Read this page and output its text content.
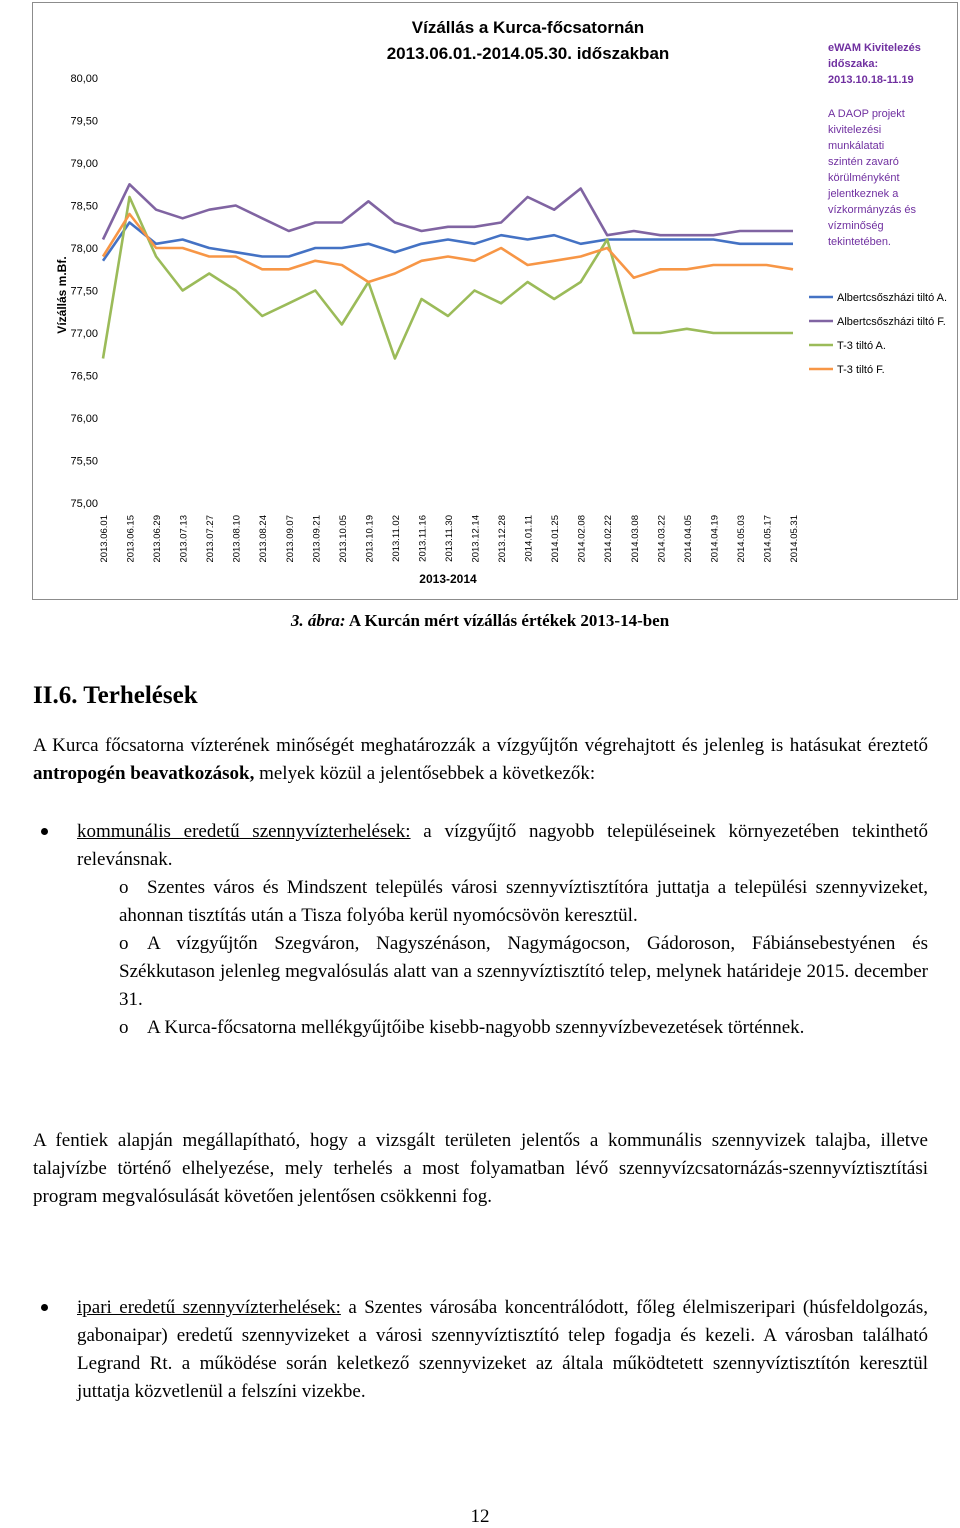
Vízállás a Kurca-főcsatornán
2013.06.01.-2014.05.30. időszakban
Vízállás m.Bf.
75,00
75,50
76,00
76,50
77,00
77,50
78,00
78,50
79,00
79,50
80,00
2013.06.01 2013.06.15 2013.06.29 2013.07.13 2013.07.27 2013.08.10 2013.08.24 2013.09.07 2013.09.21 2013.10.05 2013.10.19 2013.11.02 2013.11.16 2013.11.30 2013.12.14 2013.12.28 2014.01.11 2014.01.25 2014.02.08 2014.02.22 2014.03.08 2014.03.22 2014.04.05 2014.04.19 2014.05.03 2014.05.17 2014.05.31
2013-2014
eWAM Kivitelezés
időszaka:
2013.10.18-11.19
A DAOP projekt
kivitelezési
munkálatati
szintén zavaró
körülményként
jelentkeznek a
vízkormányzás és
vízminőség
tekintetében.
Albertcsőszházi tiltó A.
Albertcsőszházi tiltó F.
T-3 tiltó A.
T-3 tiltó F.
3. ábra: A Kurcán mért vízállás értékek 2013-14-ben
II.6. Terhelések
A Kurca főcsatorna vízterének minőségét meghatározzák a vízgyűjtőn végrehajtott és jelenleg is hatásukat éreztető antropogén beavatkozások, melyek közül a jelentősebbek a következők:
kommunális eredetű szennyvízterhelések: a vízgyűjtő nagyobb településeinek környezetében tekinthető relevánsnak.
o Szentes város és Mindszent település városi szennyvíztisztítóra juttatja a települési szennyvizeket, ahonnan tisztítás után a Tisza folyóba kerül nyomócsövön keresztül.
o A vízgyűjtőn Szegváron, Nagyszénáson, Nagymágocson, Gádoroson, Fábiánsebestyénen és Székkutason jelenleg megvalósulás alatt van a szennyvíztisztító telep, melynek határideje 2015. december 31.
o A Kurca-főcsatorna mellékgyűjtőibe kisebb-nagyobb szennyvízbevezetések történnek.
A fentiek alapján megállapítható, hogy a vizsgált területen jelentős a kommunális szennyvizek talajba, illetve talajvízbe történő elhelyezése, mely terhelés a most folyamatban lévő szennyvízcsatornázás-szennyvíztisztítási program megvalósulását követően jelentősen csökkenni fog.
ipari eredetű szennyvízterhelések: a Szentes városába koncentrálódott, főleg élelmiszeripari (húsfeldolgozás, gabonaipar) eredetű szennyvizeket a városi szennyvíztisztító telep fogadja és kezeli. A városban található Legrand Rt. a működése során keletkező szennyvizeket az általa működtetett szennyvíztisztítón keresztül juttatja közvetlenül a felszíni vizekbe.
12
